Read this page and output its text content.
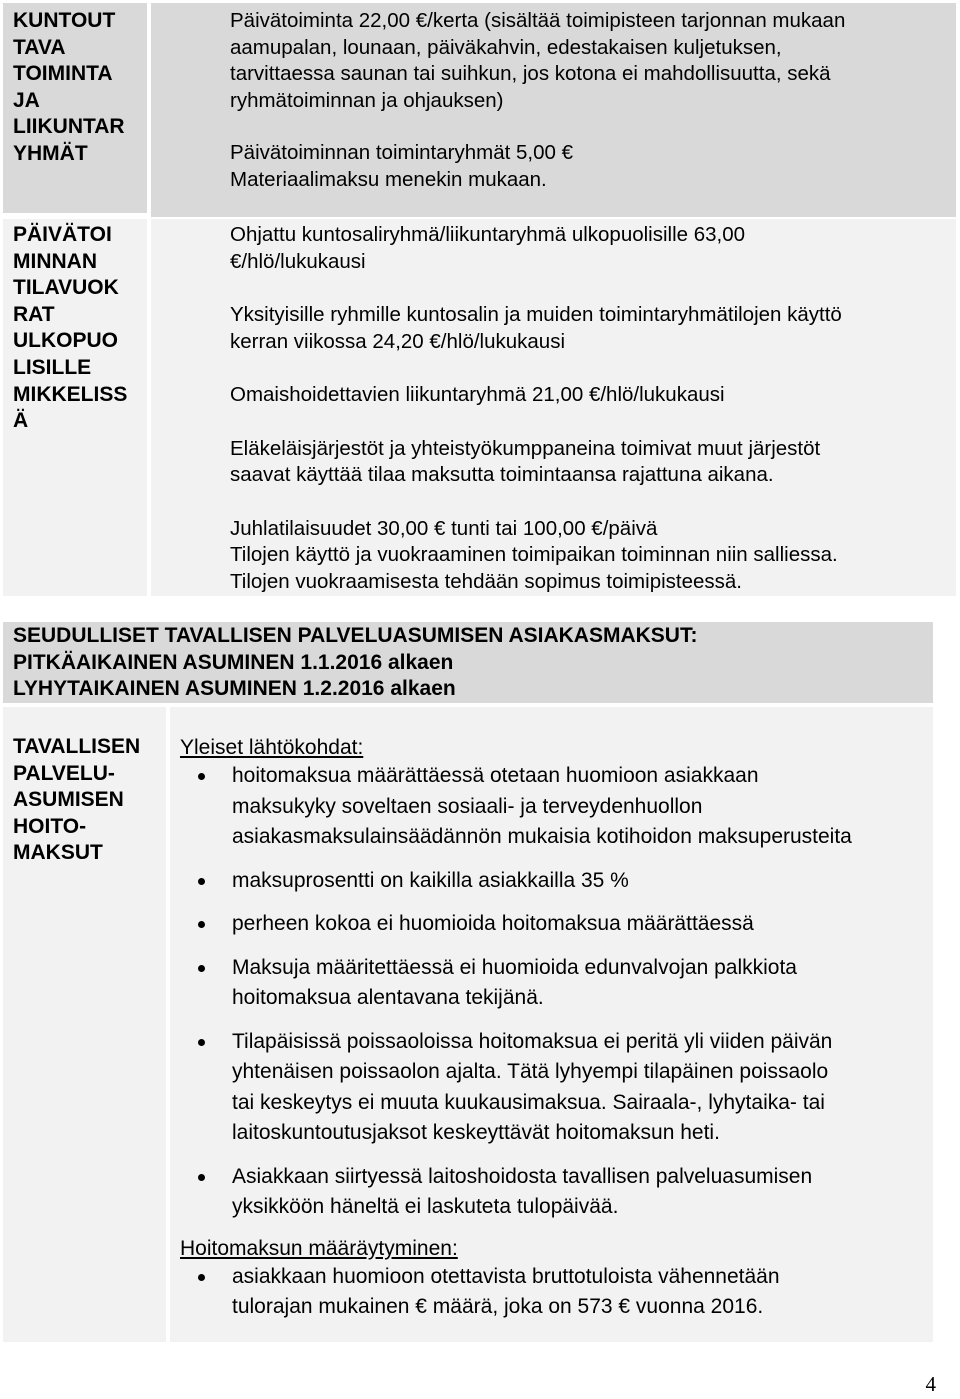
KUNTOUT
TAVA
TOIMINTA
JA
LIIKUNTAR
YHMÄT

Päivätoiminta 22,00 €/kerta (sisältää toimipisteen tarjonnan mukaan
aamupalan, lounaan, päiväkahvin, edestakaisen kuljetuksen,
tarvittaessa saunan tai suihkun, jos kotona ei mahdollisuutta, sekä
ryhmätoiminnan ja ohjauksen)

Päivätoiminnan toimintaryhmät 5,00 €
Materiaalimaksu menekin mukaan.

PÄIVÄTOI
MINNAN
TILAVUOK
RAT
ULKOPUO
LISILLE
MIKKELISS
Ä

Ohjattu kuntosaliryhmä/liikuntaryhmä ulkopuolisille 63,00
€/hlö/lukukausi

Yksityisille ryhmille kuntosalin ja muiden toimintaryhmätilojen käyttö
kerran viikossa 24,20 €/hlö/lukukausi

Omaishoidettavien liikuntaryhmä 21,00 €/hlö/lukukausi

Eläkeläisjärjestöt ja yhteistyökumppaneina toimivat muut järjestöt
saavat käyttää tilaa maksutta toimintaansa rajattuna aikana.

Juhlatilaisuudet 30,00 € tunti tai 100,00 €/päivä
Tilojen käyttö ja vuokraaminen toimipaikan toiminnan niin salliessa.
Tilojen vuokraamisesta tehdään sopimus toimipisteessä.

SEUDULLISET TAVALLISEN PALVELUASUMISEN ASIAKASMAKSUT:
PITKÄAIKAINEN ASUMINEN 1.1.2016 alkaen
LYHYTAIKAINEN ASUMINEN 1.2.2016 alkaen

TAVALLISEN
PALVELU-
ASUMISEN
HOITO-
MAKSUT

Yleiset lähtökohdat:
hoitomaksua määrättäessä otetaan huomioon asiakkaan
maksukyky soveltaen sosiaali- ja terveydenhuollon
asiakasmaksulainsäädännön mukaisia kotihoidon maksuperusteita
maksuprosentti on kaikilla asiakkailla 35 %
perheen kokoa ei huomioida hoitomaksua määrättäessä
Maksuja määritettäessä ei huomioida edunvalvojan palkkiota
hoitomaksua alentavana tekijänä.
Tilapäisissä poissaoloissa hoitomaksua ei peritä yli viiden päivän
yhtenäisen poissaolon ajalta. Tätä lyhyempi tilapäinen poissaolo
tai keskeytys ei muuta kuukausimaksua. Sairaala-, lyhytaika- tai
laitoskuntoutusjaksot keskeyttävät hoitomaksun heti.
Asiakkaan siirtyessä laitoshoidosta tavallisen palveluasumisen
yksikköön häneltä ei laskuteta tulopäivää.
Hoitomaksun määräytyminen:
asiakkaan huomioon otettavista bruttotuloista vähennetään
tulorajan mukainen € määrä, joka on 573 € vuonna 2016.
4
